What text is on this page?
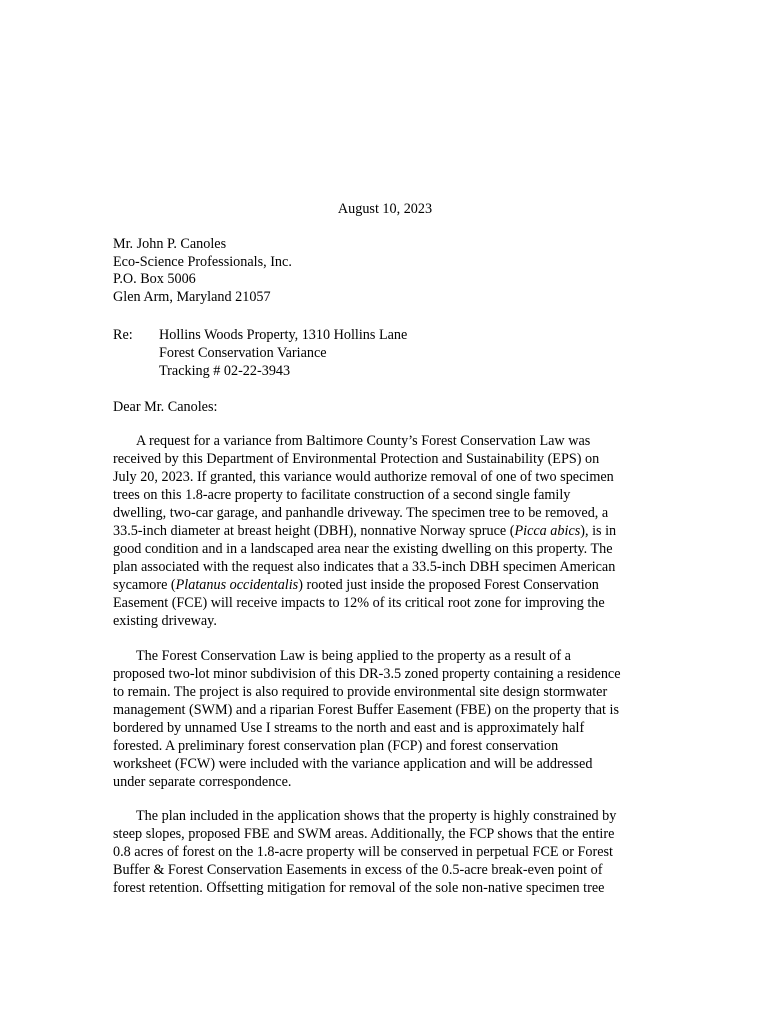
August 10, 2023
Mr. John P. Canoles
Eco-Science Professionals, Inc.
P.O. Box 5006
Glen Arm, Maryland 21057
Re: Hollins Woods Property, 1310 Hollins Lane
Forest Conservation Variance
Tracking # 02-22-3943
Dear Mr. Canoles:
A request for a variance from Baltimore County’s Forest Conservation Law was
received by this Department of Environmental Protection and Sustainability (EPS) on
July 20, 2023. If granted, this variance would authorize removal of one of two specimen
trees on this 1.8-acre property to facilitate construction of a second single family
dwelling, two-car garage, and panhandle driveway. The specimen tree to be removed, a
33.5-inch diameter at breast height (DBH), nonnative Norway spruce (Picca abics), is in
good condition and in a landscaped area near the existing dwelling on this property. The
plan associated with the request also indicates that a 33.5-inch DBH specimen American
sycamore (Platanus occidentalis) rooted just inside the proposed Forest Conservation
Easement (FCE) will receive impacts to 12% of its critical root zone for improving the
existing driveway.
The Forest Conservation Law is being applied to the property as a result of a
proposed two-lot minor subdivision of this DR-3.5 zoned property containing a residence
to remain. The project is also required to provide environmental site design stormwater
management (SWM) and a riparian Forest Buffer Easement (FBE) on the property that is
bordered by unnamed Use I streams to the north and east and is approximately half
forested. A preliminary forest conservation plan (FCP) and forest conservation
worksheet (FCW) were included with the variance application and will be addressed
under separate correspondence.
The plan included in the application shows that the property is highly constrained by
steep slopes, proposed FBE and SWM areas. Additionally, the FCP shows that the entire
0.8 acres of forest on the 1.8-acre property will be conserved in perpetual FCE or Forest
Buffer & Forest Conservation Easements in excess of the 0.5-acre break-even point of
forest retention. Offsetting mitigation for removal of the sole non-native specimen tree
